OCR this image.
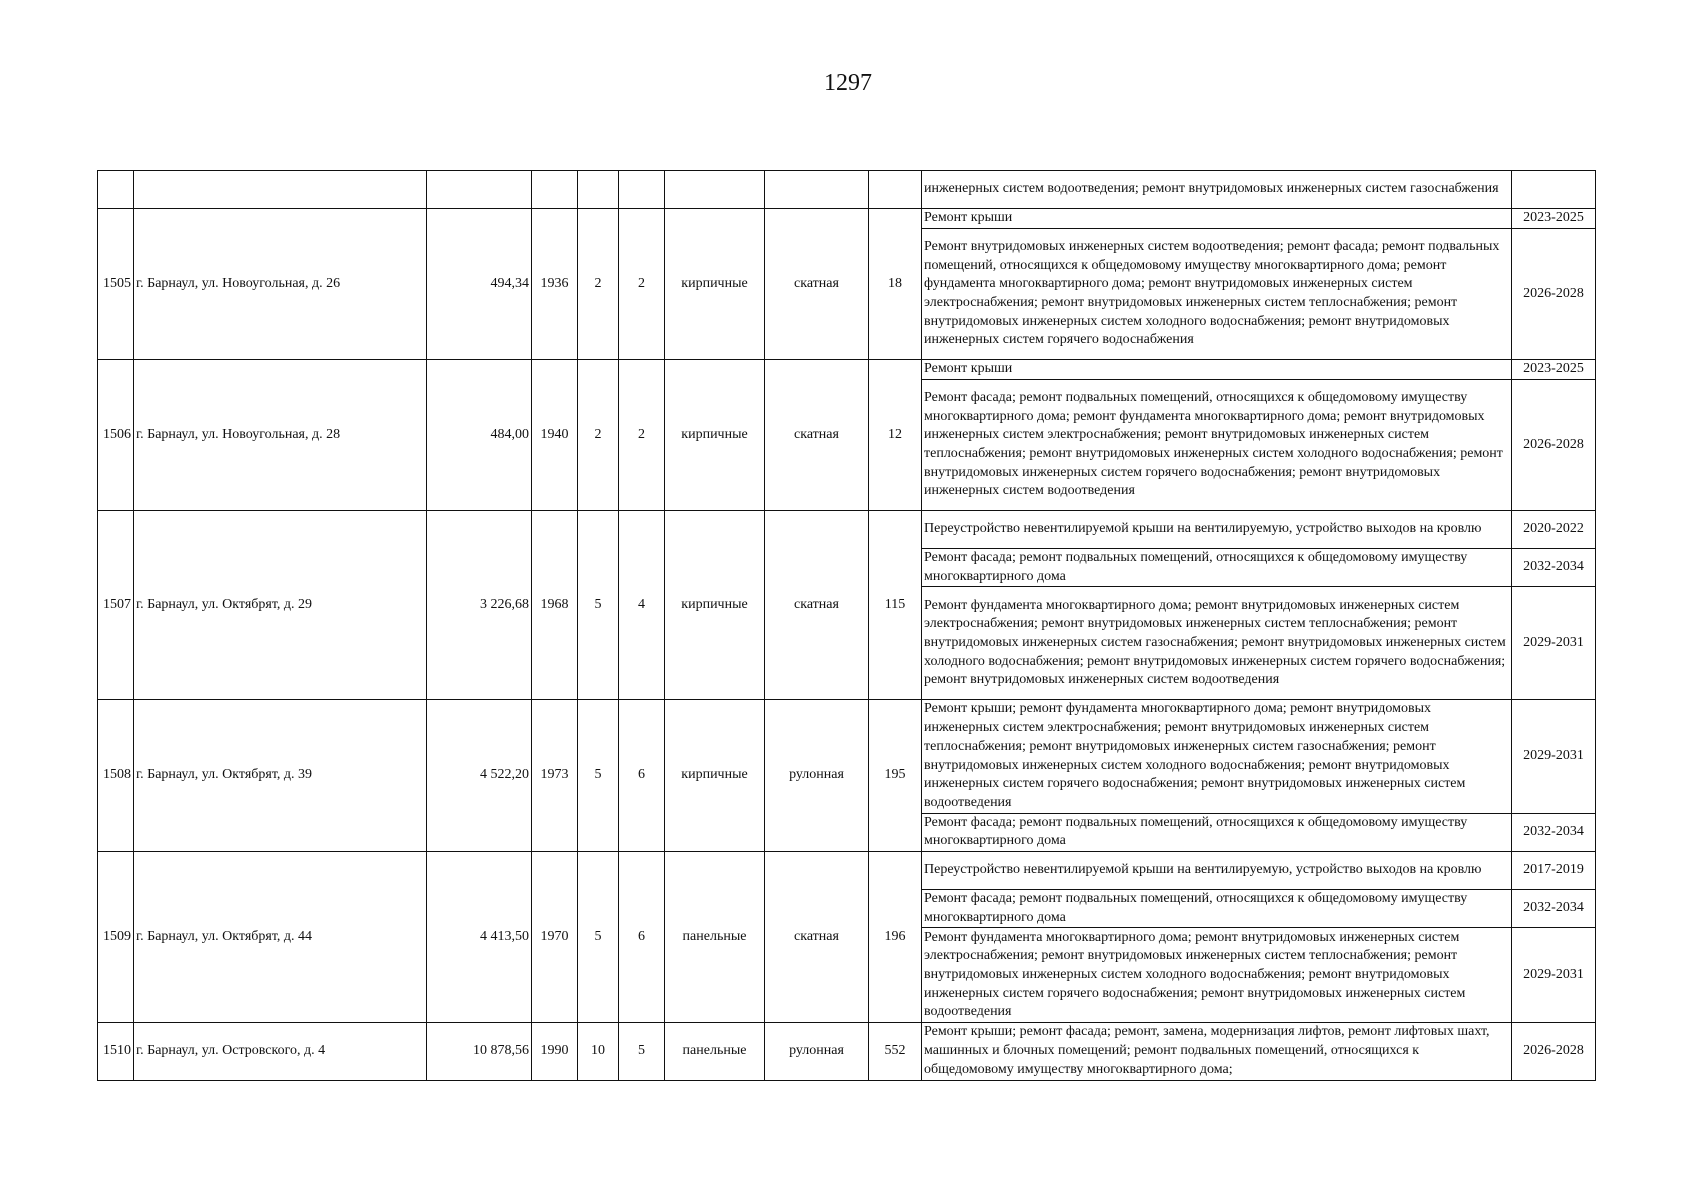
1297
									инженерных систем водоотведения; ремонт внутридомовых инженерных систем газоснабжения	
1505	г. Барнаул, ул. Новоугольная, д. 26	494,34	1936	2	2	кирпичные	скатная	18	Ремонт крыши	2023-2025
									Ремонт внутридомовых инженерных систем водоотведения; ремонт фасада; ремонт подвальных помещений, относящихся к общедомовому имуществу многоквартирного дома; ремонт фундамента многоквартирного дома; ремонт внутридомовых инженерных систем электроснабжения; ремонт внутридомовых инженерных систем теплоснабжения; ремонт внутридомовых инженерных систем холодного водоснабжения; ремонт внутридомовых инженерных систем горячего водоснабжения	2026-2028
1506	г. Барнаул, ул. Новоугольная, д. 28	484,00	1940	2	2	кирпичные	скатная	12	Ремонт крыши	2023-2025
									Ремонт фасада; ремонт подвальных помещений, относящихся к общедомовому имуществу многоквартирного дома; ремонт фундамента многоквартирного дома; ремонт внутридомовых инженерных систем электроснабжения; ремонт внутридомовых инженерных систем теплоснабжения; ремонт внутридомовых инженерных систем холодного водоснабжения; ремонт внутридомовых инженерных систем горячего водоснабжения; ремонт внутридомовых инженерных систем водоотведения	2026-2028
1507	г. Барнаул, ул. Октябрят, д. 29	3 226,68	1968	5	4	кирпичные	скатная	115	Переустройство невентилируемой крыши на вентилируемую, устройство выходов на кровлю	2020-2022
									Ремонт фасада; ремонт подвальных помещений, относящихся к общедомовому имуществу многоквартирного дома	2032-2034
									Ремонт фундамента многоквартирного дома; ремонт внутридомовых инженерных систем электроснабжения; ремонт внутридомовых инженерных систем теплоснабжения; ремонт внутридомовых инженерных систем газоснабжения; ремонт внутридомовых инженерных систем холодного водоснабжения; ремонт внутридомовых инженерных систем горячего водоснабжения; ремонт внутридомовых инженерных систем водоотведения	2029-2031
1508	г. Барнаул, ул. Октябрят, д. 39	4 522,20	1973	5	6	кирпичные	рулонная	195	Ремонт крыши; ремонт фундамента многоквартирного дома; ремонт внутридомовых инженерных систем электроснабжения; ремонт внутридомовых инженерных систем теплоснабжения; ремонт внутридомовых инженерных систем газоснабжения; ремонт внутридомовых инженерных систем холодного водоснабжения; ремонт внутридомовых инженерных систем горячего водоснабжения; ремонт внутридомовых инженерных систем водоотведения	2029-2031
									Ремонт фасада; ремонт подвальных помещений, относящихся к общедомовому имуществу многоквартирного дома	2032-2034
1509	г. Барнаул, ул. Октябрят, д. 44	4 413,50	1970	5	6	панельные	скатная	196	Переустройство невентилируемой крыши на вентилируемую, устройство выходов на кровлю	2017-2019
									Ремонт фасада; ремонт подвальных помещений, относящихся к общедомовому имуществу многоквартирного дома	2032-2034
									Ремонт фундамента многоквартирного дома; ремонт внутридомовых инженерных систем электроснабжения; ремонт внутридомовых инженерных систем теплоснабжения; ремонт внутридомовых инженерных систем холодного водоснабжения; ремонт внутридомовых инженерных систем горячего водоснабжения; ремонт внутридомовых инженерных систем водоотведения	2029-2031
1510	г. Барнаул, ул. Островского, д. 4	10 878,56	1990	10	5	панельные	рулонная	552	Ремонт крыши; ремонт фасада; ремонт, замена, модернизация лифтов, ремонт лифтовых шахт, машинных и блочных помещений; ремонт подвальных помещений, относящихся к общедомовому имуществу многоквартирного дома;	2026-2028
